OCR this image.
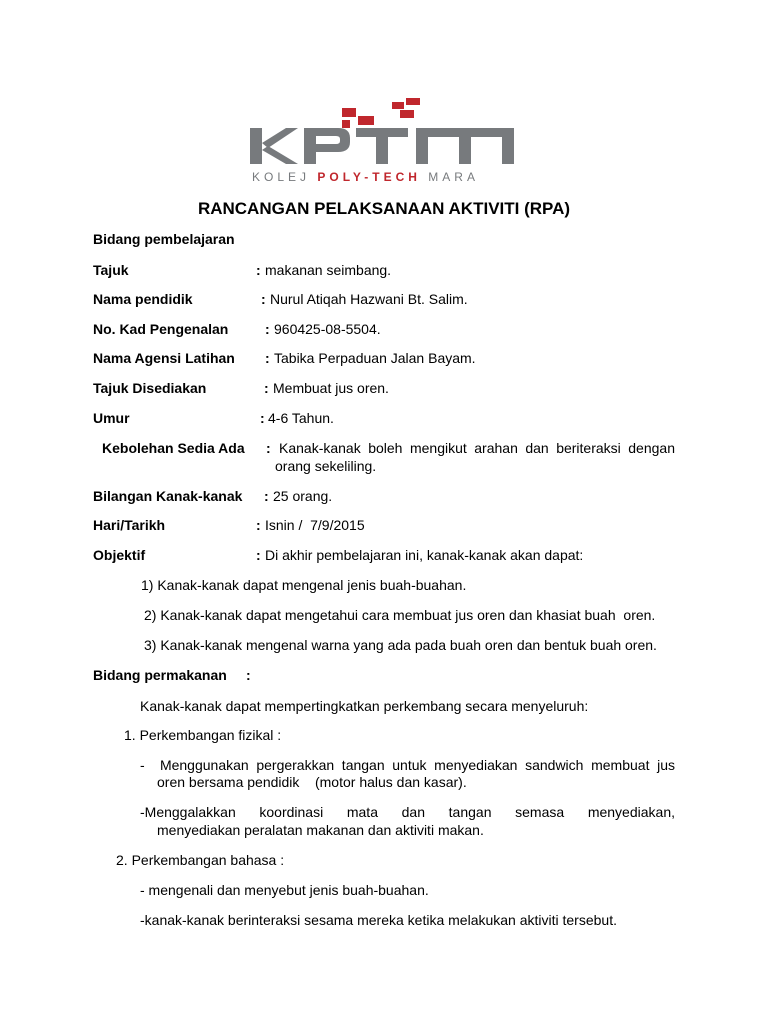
KOLEJ POLY-TECH MARA
RANCANGAN PELAKSANAAN AKTIVITI (RPA)
Bidang pembelajaran
Tajuk	: makanan seimbang.
Nama pendidik	: Nurul Atiqah Hazwani Bt. Salim.
No. Kad Pengenalan	: 960425-08-5504.
Nama Agensi Latihan : Tabika Perpaduan Jalan Bayam.
Tajuk Disediakan	: Membuat jus oren.
Umur	: 4-6 Tahun.
Kebolehan Sedia Ada : Kanak-kanak boleh mengikut arahan dan beriteraksi dengan
orang sekeliling.
Bilangan Kanak-kanak : 25 orang.
Hari/Tarikh	: Isnin /  7/9/2015
Objektif	: Di akhir pembelajaran ini, kanak-kanak akan dapat:
1) Kanak-kanak dapat mengenal jenis buah-buahan.
2) Kanak-kanak dapat mengetahui cara membuat jus oren dan khasiat buah  oren.
3) Kanak-kanak mengenal warna yang ada pada buah oren dan bentuk buah oren.
Bidang permakanan :
Kanak-kanak dapat mempertingkatkan perkembang secara menyeluruh:
1. Perkembangan fizikal :
-  Menggunakan pergerakkan tangan untuk menyediakan sandwich membuat jus
oren bersama pendidik    (motor halus dan kasar).
-Menggalakkan koordinasi mata dan tangan semasa menyediakan,
menyediakan peralatan makanan dan aktiviti makan.
2. Perkembangan bahasa :
- mengenali dan menyebut jenis buah-buahan.
-kanak-kanak berinteraksi sesama mereka ketika melakukan aktiviti tersebut.
